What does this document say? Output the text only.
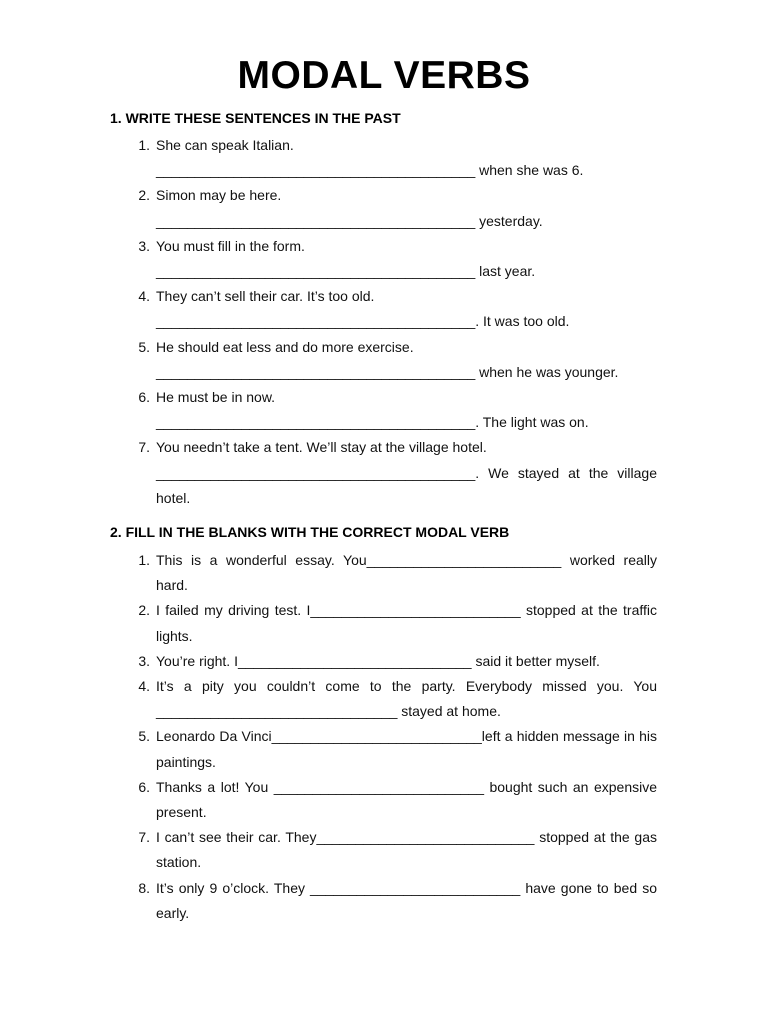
MODAL VERBS
1. WRITE THESE SENTENCES IN THE PAST
1. She can speak Italian.
_________________________________________ when she was 6.
2. Simon may be here.
_________________________________________ yesterday.
3. You must fill in the form.
_________________________________________ last year.
4. They can’t sell their car. It’s too old.
_________________________________________. It was too old.
5. He should eat less and do more exercise.
_________________________________________ when he was younger.
6. He must be in now.
_________________________________________. The light was on.
7. You needn’t take a tent. We’ll stay at the village hotel.
_________________________________________. We stayed at the village hotel.
2. FILL IN THE BLANKS WITH THE CORRECT MODAL VERB
1. This is a wonderful essay. You_________________________ worked really hard.
2. I failed my driving test. I___________________________ stopped at the traffic lights.
3. You’re right. I______________________________ said it better myself.
4. It’s a pity you couldn’t come to the party. Everybody missed you. You _______________________________ stayed at home.
5. Leonardo Da Vinci___________________________left a hidden message in his paintings.
6. Thanks a lot! You ___________________________ bought such an expensive present.
7. I can’t see their car. They____________________________ stopped at the gas station.
8. It’s only 9 o’clock. They ___________________________ have gone to bed so early.
